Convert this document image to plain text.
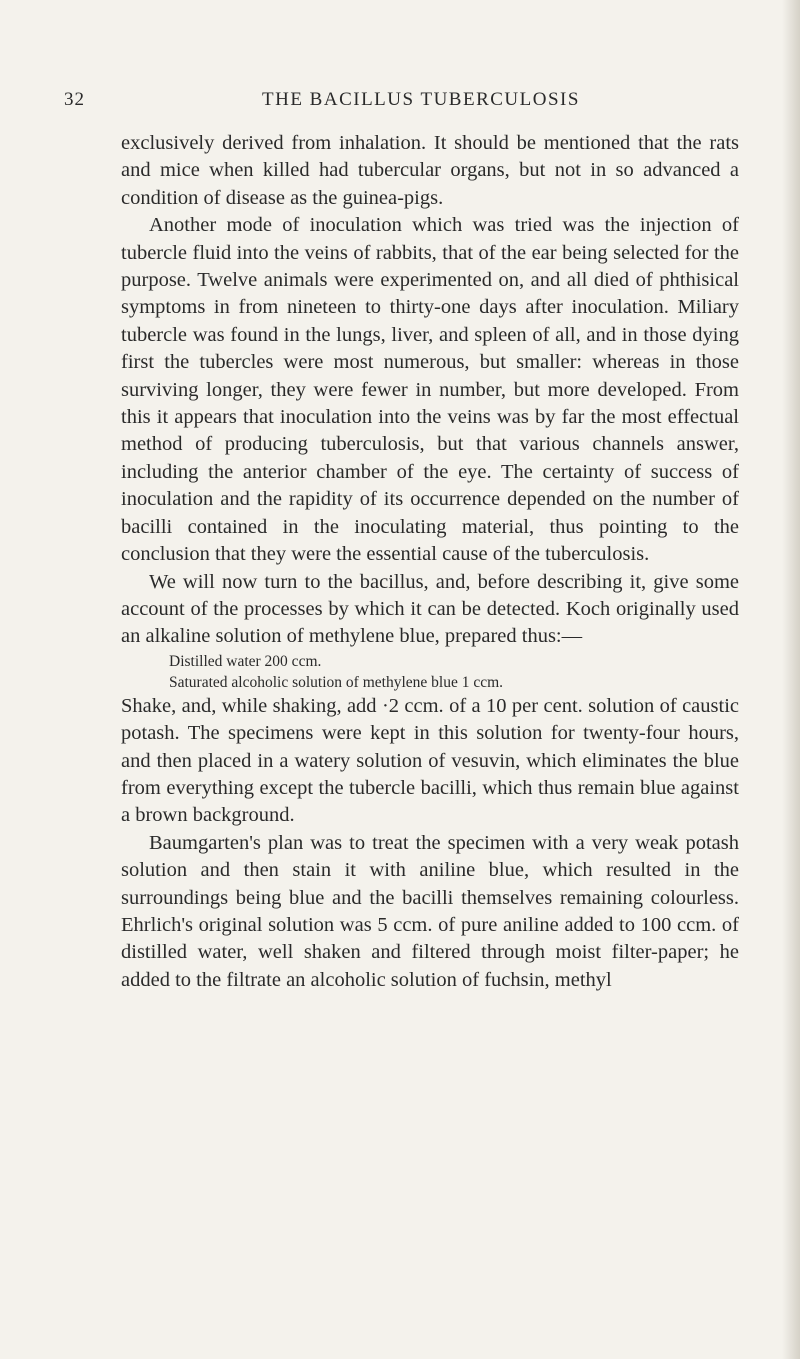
32	THE BACILLUS TUBERCULOSIS

exclusively derived from inhalation. It should be mentioned that the rats and mice when killed had tubercular organs, but not in so advanced a condition of disease as the guinea-pigs.

Another mode of inoculation which was tried was the injection of tubercle fluid into the veins of rabbits, that of the ear being selected for the purpose. Twelve animals were experimented on, and all died of phthisical symptoms in from nineteen to thirty-one days after inoculation. Miliary tubercle was found in the lungs, liver, and spleen of all, and in those dying first the tubercles were most numerous, but smaller: whereas in those surviving longer, they were fewer in number, but more developed. From this it appears that inoculation into the veins was by far the most effectual method of producing tuberculosis, but that various channels answer, including the anterior chamber of the eye. The certainty of success of inoculation and the rapidity of its occurrence depended on the number of bacilli contained in the inoculating material, thus pointing to the conclusion that they were the essential cause of the tuberculosis.

We will now turn to the bacillus, and, before describing it, give some account of the processes by which it can be detected. Koch originally used an alkaline solution of methylene blue, prepared thus:—

Distilled water 200 ccm.
Saturated alcoholic solution of methylene blue 1 ccm.

Shake, and, while shaking, add ·2 ccm. of a 10 per cent. solution of caustic potash. The specimens were kept in this solution for twenty-four hours, and then placed in a watery solution of vesuvin, which eliminates the blue from everything except the tubercle bacilli, which thus remain blue against a brown background.

Baumgarten's plan was to treat the specimen with a very weak potash solution and then stain it with aniline blue, which resulted in the surroundings being blue and the bacilli themselves remaining colourless. Ehrlich's original solution was 5 ccm. of pure aniline added to 100 ccm. of distilled water, well shaken and filtered through moist filter-paper; he added to the filtrate an alcoholic solution of fuchsin, methyl
